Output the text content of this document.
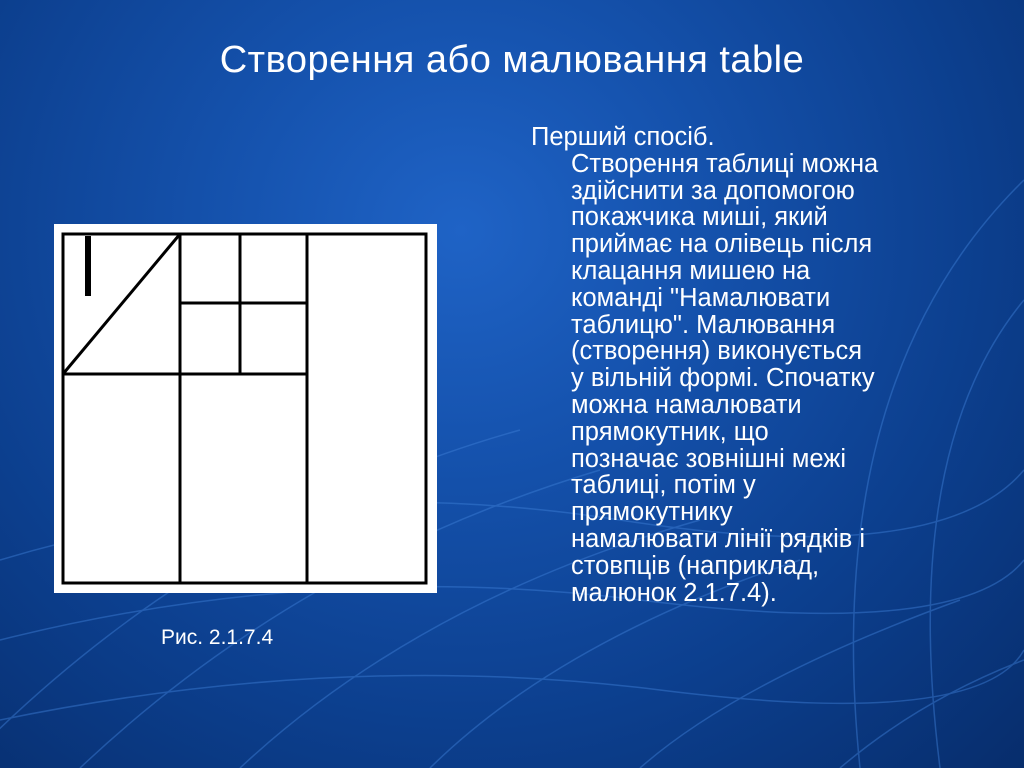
Створення або малювання table
Перший спосіб.
Створення таблиці можна
здійснити за допомогою
покажчика миші, який
приймає на олівець після
клацання мишею на
команді "Намалювати
таблицю". Малювання
(створення) виконується
у вільній формі. Спочатку
можна намалювати
прямокутник, що
позначає зовнішні межі
таблиці, потім у
прямокутнику
намалювати лінії рядків і
стовпців (наприклад,
малюнок 2.1.7.4).
Рис. 2.1.7.4
